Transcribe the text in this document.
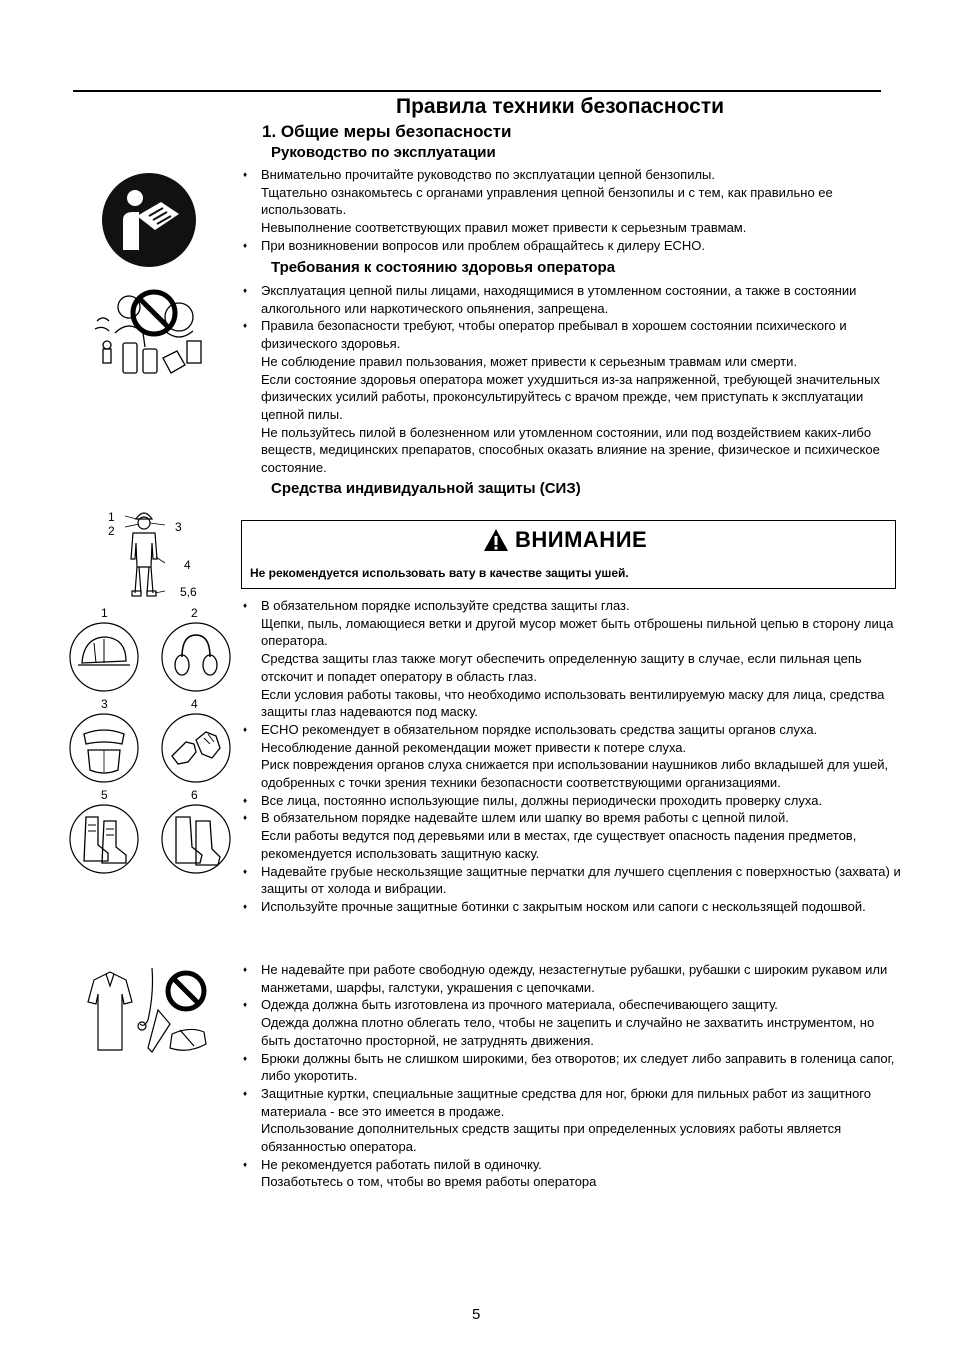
Правила техники безопасности
1. Общие меры безопасности
Руководство по эксплуатации
♦ Внимательно прочитайте руководство по эксплуатации цепной бензопилы.
Тщательно ознакомьтесь с органами управления цепной бензопилы и с тем, как правильно ее использовать.
Невыполнение соответствующих правил может привести к серьезным травмам.
♦ При возникновении вопросов или проблем обращайтесь к дилеру ECHO.
Требования к состоянию здоровья оператора
♦ Эксплуатация цепной пилы лицами, находящимися в утомленном состоянии, а также в состоянии алкогольного или наркотического опьянения, запрещена.
♦ Правила безопасности требуют, чтобы оператор пребывал в хорошем состоянии психического и физического здоровья.
Не соблюдение правил пользования, может привести к серьезным травмам или смерти.
Если состояние здоровья оператора может ухудшиться из-за напряженной, требующей значительных физических усилий работы, проконсультируйтесь с врачом прежде, чем приступать к эксплуатации цепной пилы.
Не пользуйтесь пилой в болезненном или утомленном состоянии, или под воздействием каких-либо веществ, медицинских препаратов, способных оказать влияние на зрение, физическое и психическое состояние.
Средства индивидуальной защиты (СИЗ)
1
2	3
4
5,6
ВНИМАНИЕ
Не рекомендуется использовать вату в качестве защиты ушей.
1	2
3	4
5	6
♦ В обязательном порядке используйте средства защиты глаз.
Щепки, пыль, ломающиеся ветки и другой мусор может быть отброшены пильной цепью в сторону лица оператора.
Средства защиты глаз также могут обеспечить определенную защиту в случае, если пильная цепь отскочит и попадет оператору в область глаз.
Если условия работы таковы, что необходимо использовать вентилируемую маску для лица, средства защиты глаз надеваются под маску.
♦ ECHO рекомендует в обязательном порядке использовать средства защиты органов слуха.
Несоблюдение данной рекомендации может привести к потере слуха.
Риск повреждения органов слуха снижается при использовании наушников либо вкладышей для ушей, одобренных с точки зрения техники безопасности соответствующими организациями.
♦ Все лица, постоянно использующие пилы, должны периодически проходить проверку слуха.
♦ В обязательном порядке надевайте шлем или шапку во время работы с цепной пилой.
Если работы ведутся под деревьями или в местах, где существует опасность падения предметов, рекомендуется использовать защитную каску.
♦ Надевайте грубые нескользящие защитные перчатки для лучшего сцепления с поверхностью (захвата) и защиты от холода и вибрации.
♦ Используйте прочные защитные ботинки с закрытым носком или сапоги с нескользящей подошвой.
♦ Не надевайте при работе свободную одежду, незастегнутые рубашки, рубашки с широким рукавом или манжетами, шарфы, галстуки, украшения с цепочками.
♦ Одежда должна быть изготовлена из прочного материала, обеспечивающего защиту.
Одежда должна плотно облегать тело, чтобы не зацепить и случайно не захватить инструментом, но быть достаточно просторной, не затруднять движения.
♦ Брюки должны быть не слишком широкими, без отворотов; их следует либо заправить в голеница сапог, либо укоротить.
♦ Защитные куртки, специальные защитные средства для ног, брюки для пильных работ из защитного материала - все это имеется в продаже.
Использование дополнительных средств защиты при определенных условиях работы является обязанностью оператора.
♦ Не рекомендуется работать пилой в одиночку.
Позаботьтесь о том, чтобы во время работы оператора
5
